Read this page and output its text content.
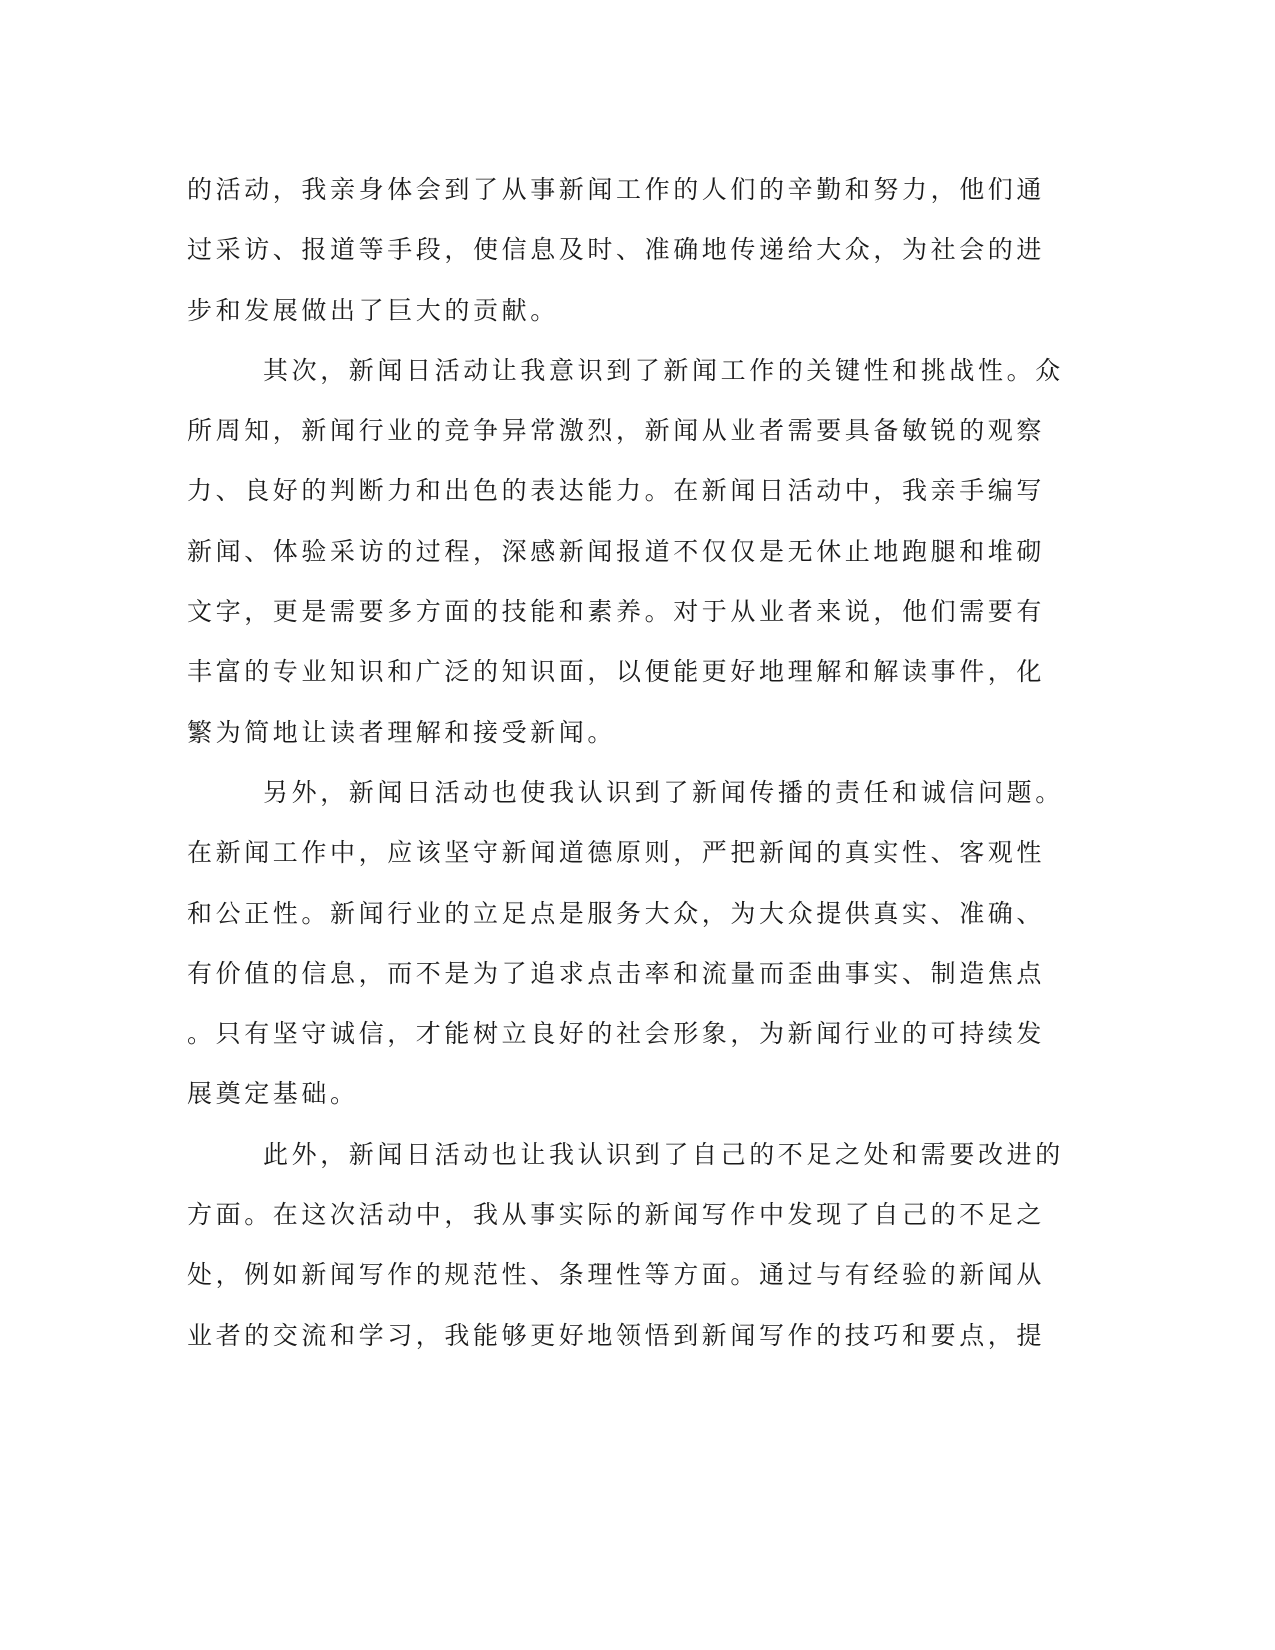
的活动，我亲身体会到了从事新闻工作的人们的辛勤和努力，他们通
过采访、报道等手段，使信息及时、准确地传递给大众，为社会的进
步和发展做出了巨大的贡献。
其次，新闻日活动让我意识到了新闻工作的关键性和挑战性。众
所周知，新闻行业的竞争异常激烈，新闻从业者需要具备敏锐的观察
力、良好的判断力和出色的表达能力。在新闻日活动中，我亲手编写
新闻、体验采访的过程，深感新闻报道不仅仅是无休止地跑腿和堆砌
文字，更是需要多方面的技能和素养。对于从业者来说，他们需要有
丰富的专业知识和广泛的知识面，以便能更好地理解和解读事件，化
繁为简地让读者理解和接受新闻。
另外，新闻日活动也使我认识到了新闻传播的责任和诚信问题。
在新闻工作中，应该坚守新闻道德原则，严把新闻的真实性、客观性
和公正性。新闻行业的立足点是服务大众，为大众提供真实、准确、
有价值的信息，而不是为了追求点击率和流量而歪曲事实、制造焦点
。只有坚守诚信，才能树立良好的社会形象，为新闻行业的可持续发
展奠定基础。
此外，新闻日活动也让我认识到了自己的不足之处和需要改进的
方面。在这次活动中，我从事实际的新闻写作中发现了自己的不足之
处，例如新闻写作的规范性、条理性等方面。通过与有经验的新闻从
业者的交流和学习，我能够更好地领悟到新闻写作的技巧和要点，提
